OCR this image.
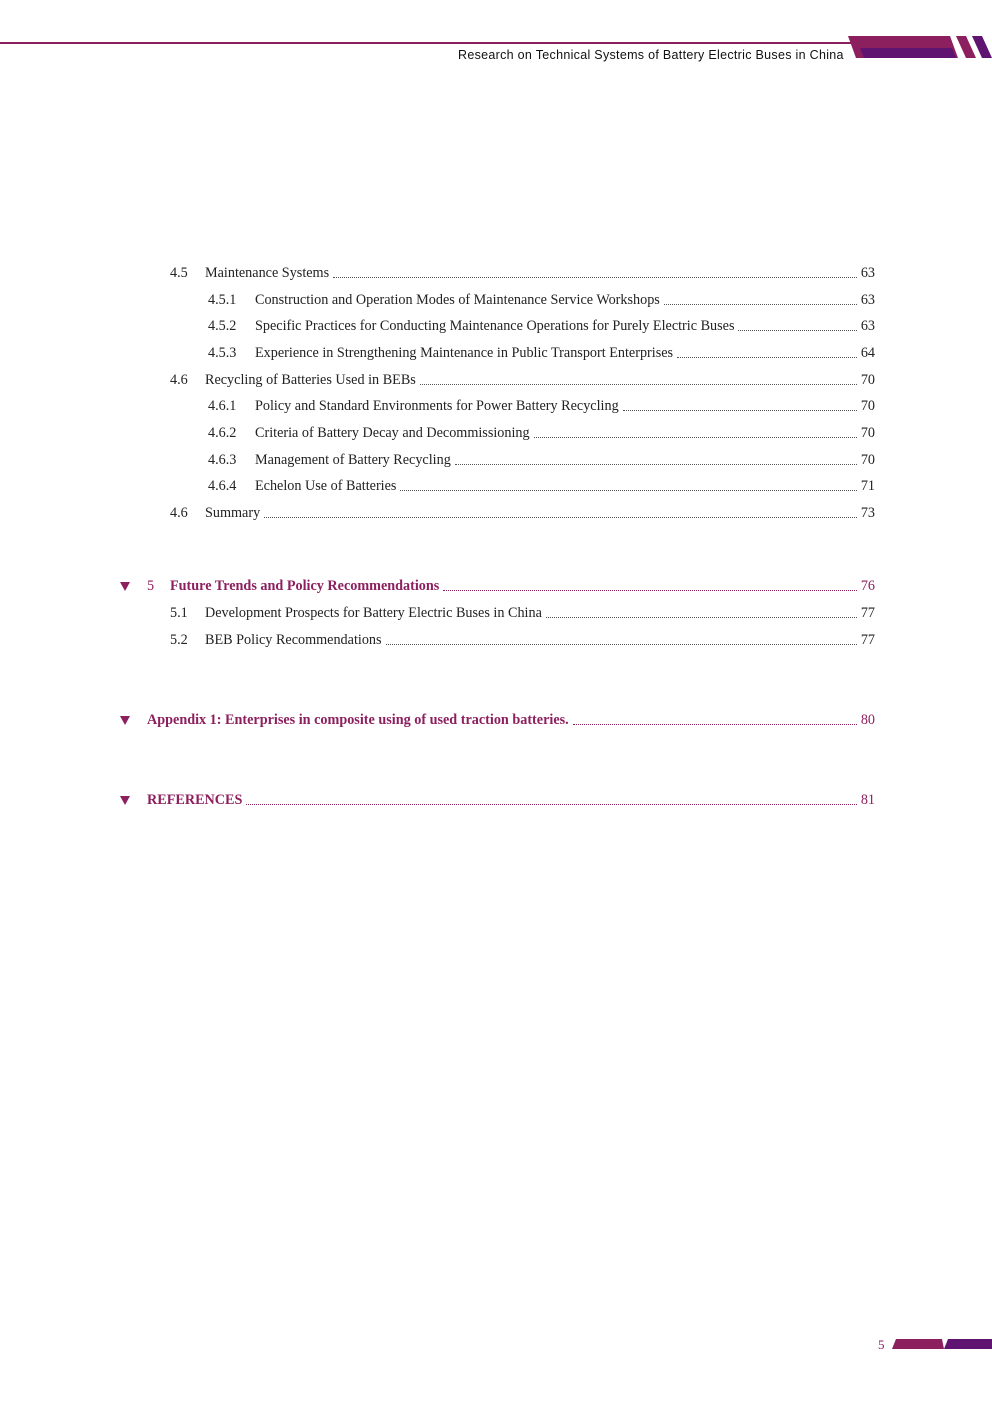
Research on Technical Systems of Battery Electric Buses in China
4.5	Maintenance Systems	63
4.5.1	Construction and Operation Modes of Maintenance Service Workshops	63
4.5.2	Specific Practices for Conducting Maintenance Operations for Purely Electric Buses	63
4.5.3	Experience in Strengthening Maintenance in Public Transport Enterprises	64
4.6	Recycling of Batteries Used in BEBs	70
4.6.1	Policy and Standard Environments for Power Battery Recycling	70
4.6.2	Criteria of Battery Decay and Decommissioning	70
4.6.3	Management of Battery Recycling	70
4.6.4	Echelon Use of Batteries	71
4.6	Summary	73
5	Future Trends and Policy Recommendations	76
5.1	Development Prospects for Battery Electric Buses in China	77
5.2	BEB Policy Recommendations	77
Appendix 1: Enterprises in composite using of used traction batteries.	80
REFERENCES	81
5
